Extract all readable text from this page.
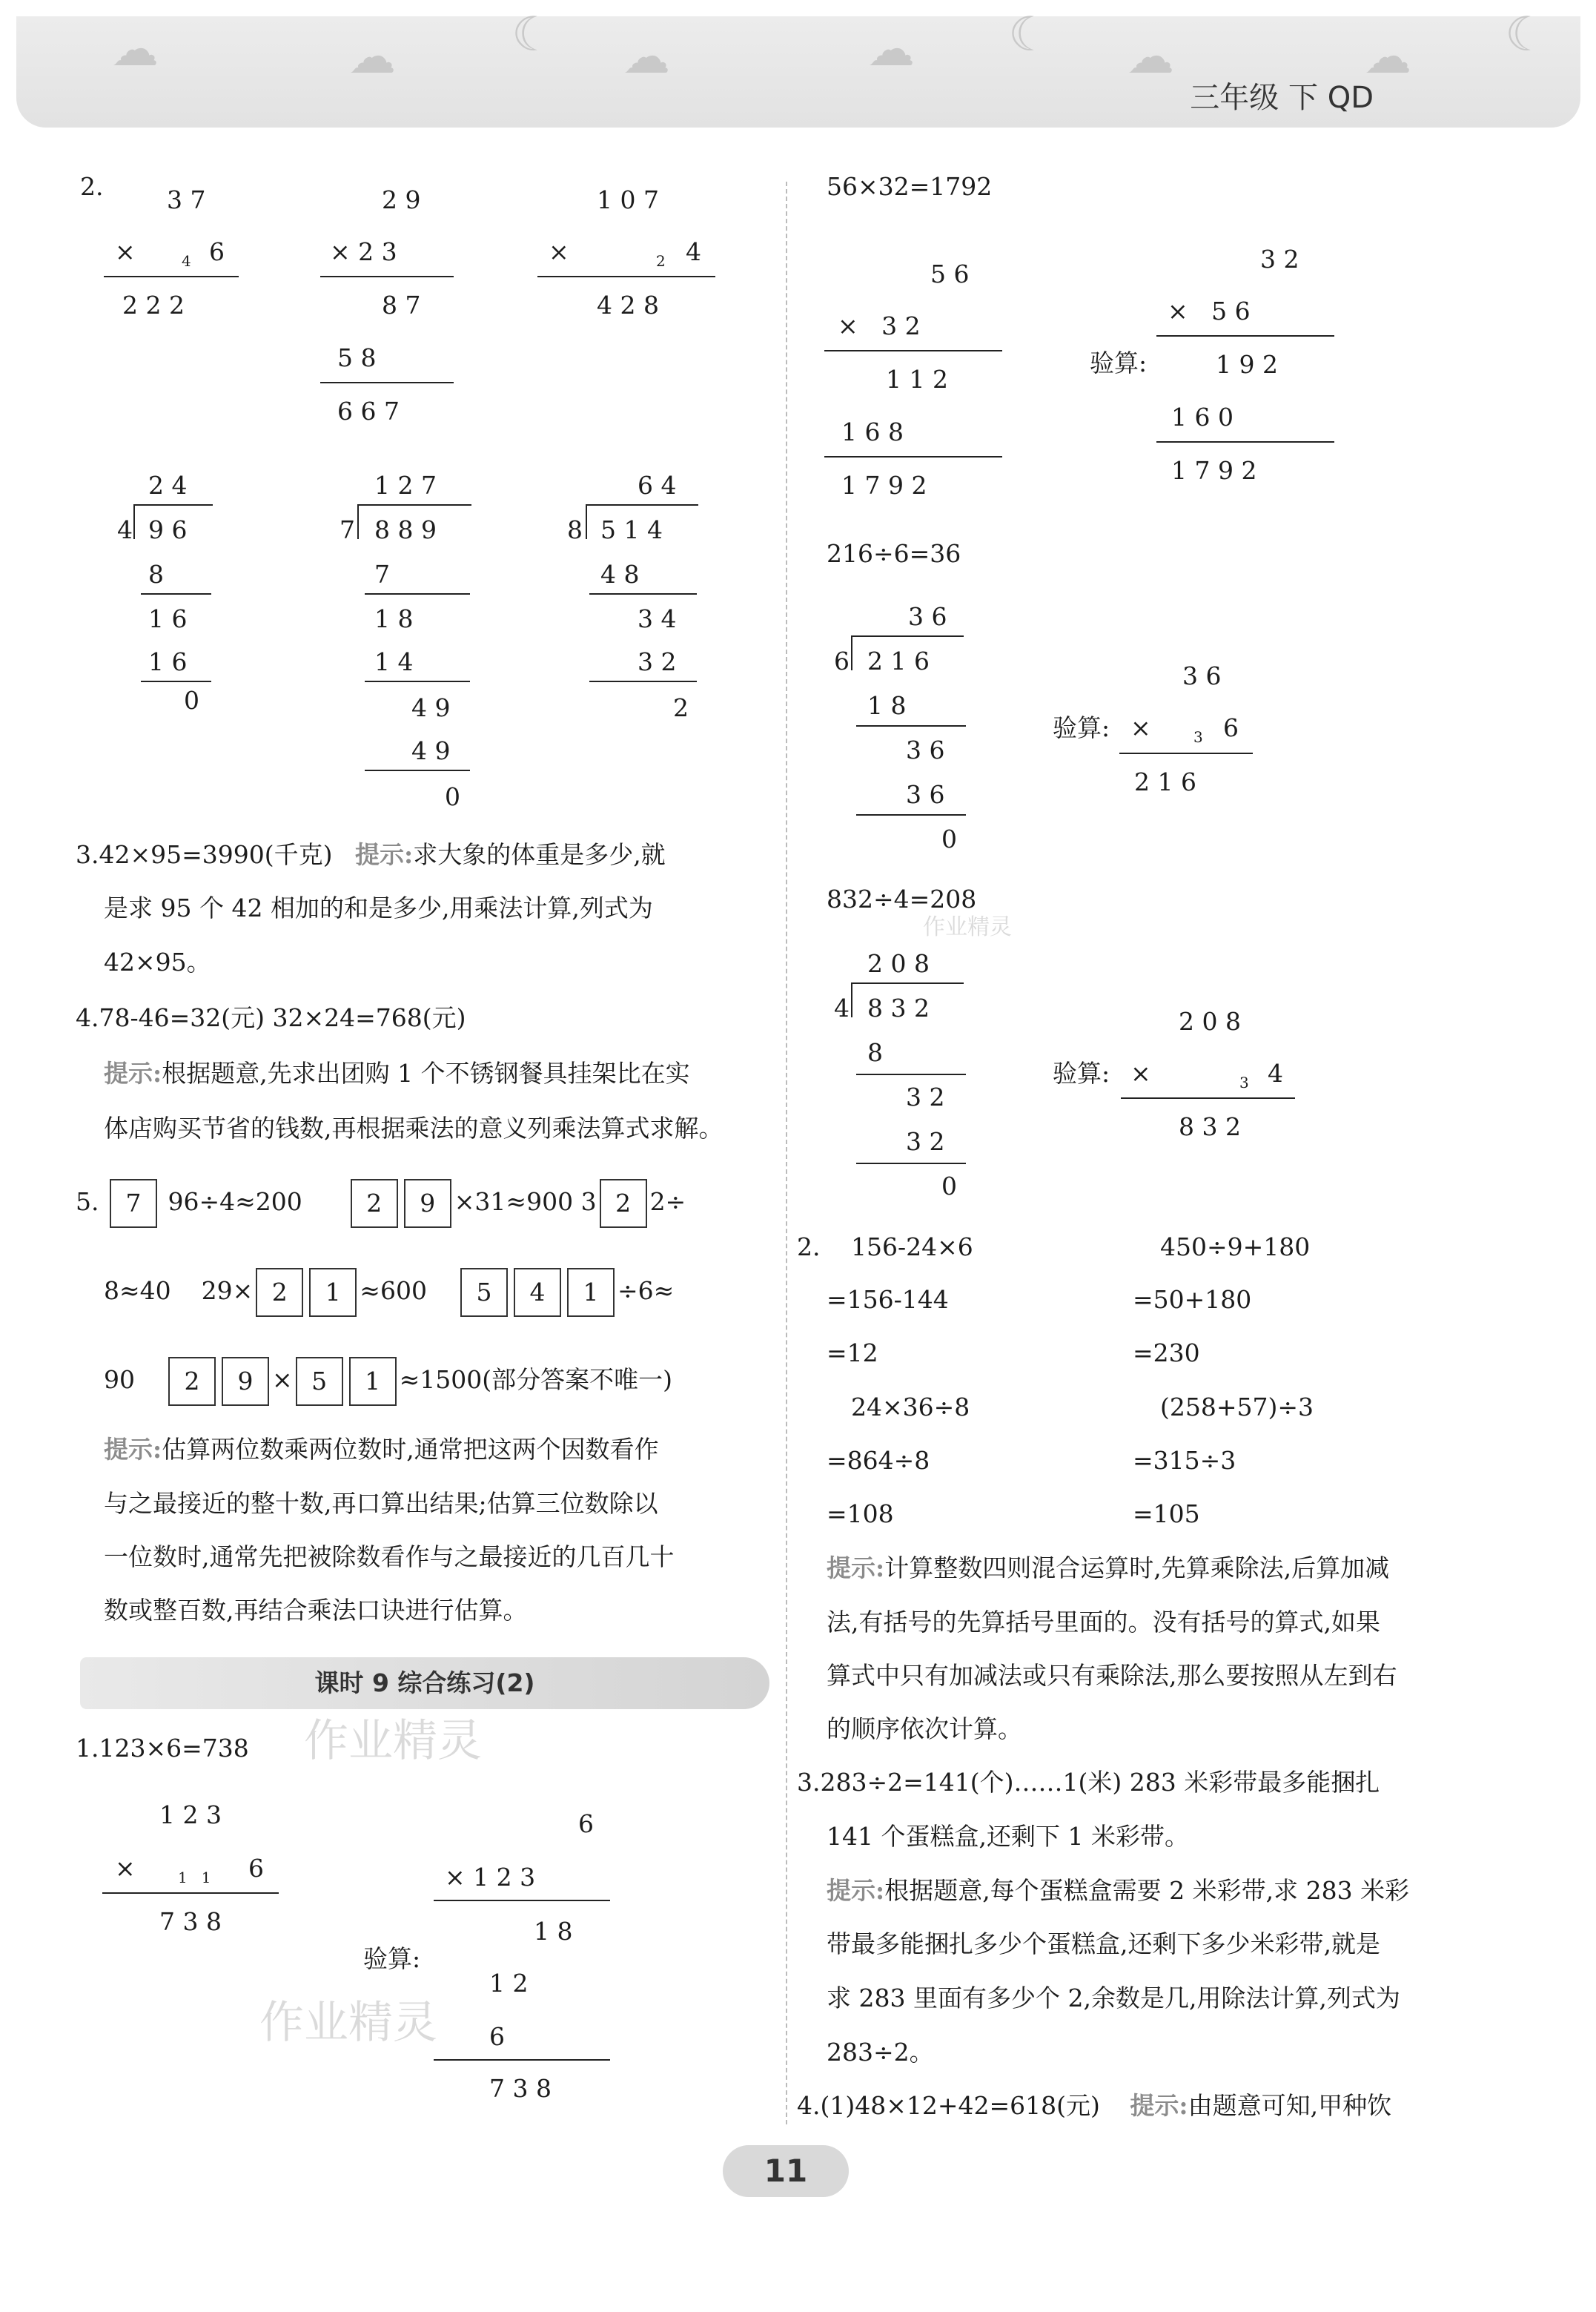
☁	☁ ☾ ☁	☁ ☾ ☁	☁ ☾
三年级 下 QD
2.	3 7
×	4 6
2 2 2
2 9
× 2 3
8 7
5 8
6 6 7
1 0 7
×	2 4
4 2 8
2 4
4 9 6
8
1 6
1 6
0
1 2 7
7 8 8 9
7
1 8
1 4
4 9
4 9
0
6 4
8 5 1 4
4 8
3 4
3 2
2
3.42×95=3990(千克) 提示:求大象的体重是多少,就
是求 95 个 42 相加的和是多少,用乘法计算,列式为
42×95。
4.78-46=32(元) 32×24=768(元)
提示:根据题意,先求出团购 1 个不锈钢餐具挂架比在实
体店购买节省的钱数,再根据乘法的意义列乘法算式求解。
5. 7 96÷4≈200	2 9 ×31≈900 3 2 2÷
8≈40 29× 2 1 ≈600 5 4 1 ÷6≈
90 2 9 × 5 1 ≈1500(部分答案不唯一)
提示:估算两位数乘两位数时,通常把这两个因数看作
与之最接近的整十数,再口算出结果;估算三位数除以
一位数时,通常先把被除数看作与之最接近的几百几十
数或整百数,再结合乘法口诀进行估算。
课时 9 综合练习(2)
1.123×6=738
1 2 3
×	1   1 6
7 3 8
6
× 1 2 3
1 8
验算:
1 2
6
7 3 8
作业精灵
作业精灵
56×32=1792
5 6
×   3 2
1 1 2
1 6 8
1 7 9 2
3 2
×   5 6
验算:	1 9 2
1 6 0
1 7 9 2
216÷6=36
3 6
6 2 1 6
1 8
3 6
3 6
0
3 6
验算: ×	3 6
2 1 6
832÷4=208
作业精灵
2 0 8
4 8 3 2
8
3 2
3 2
0
2 0 8
验算: ×	3 4
8 3 2
2. 156-24×6
=156-144
=12
450÷9+180
=50+180
=230
24×36÷8
=864÷8
=108
(258+57)÷3
=315÷3
=105
提示:计算整数四则混合运算时,先算乘除法,后算加减
法,有括号的先算括号里面的。没有括号的算式,如果
算式中只有加减法或只有乘除法,那么要按照从左到右
的顺序依次计算。
3.283÷2=141(个)……1(米) 283 米彩带最多能捆扎
141 个蛋糕盒,还剩下 1 米彩带。
提示:根据题意,每个蛋糕盒需要 2 米彩带,求 283 米彩
带最多能捆扎多少个蛋糕盒,还剩下多少米彩带,就是
求 283 里面有多少个 2,余数是几,用除法计算,列式为
283÷2。
4.(1)48×12+42=618(元) 提示:由题意可知,甲种饮
11
